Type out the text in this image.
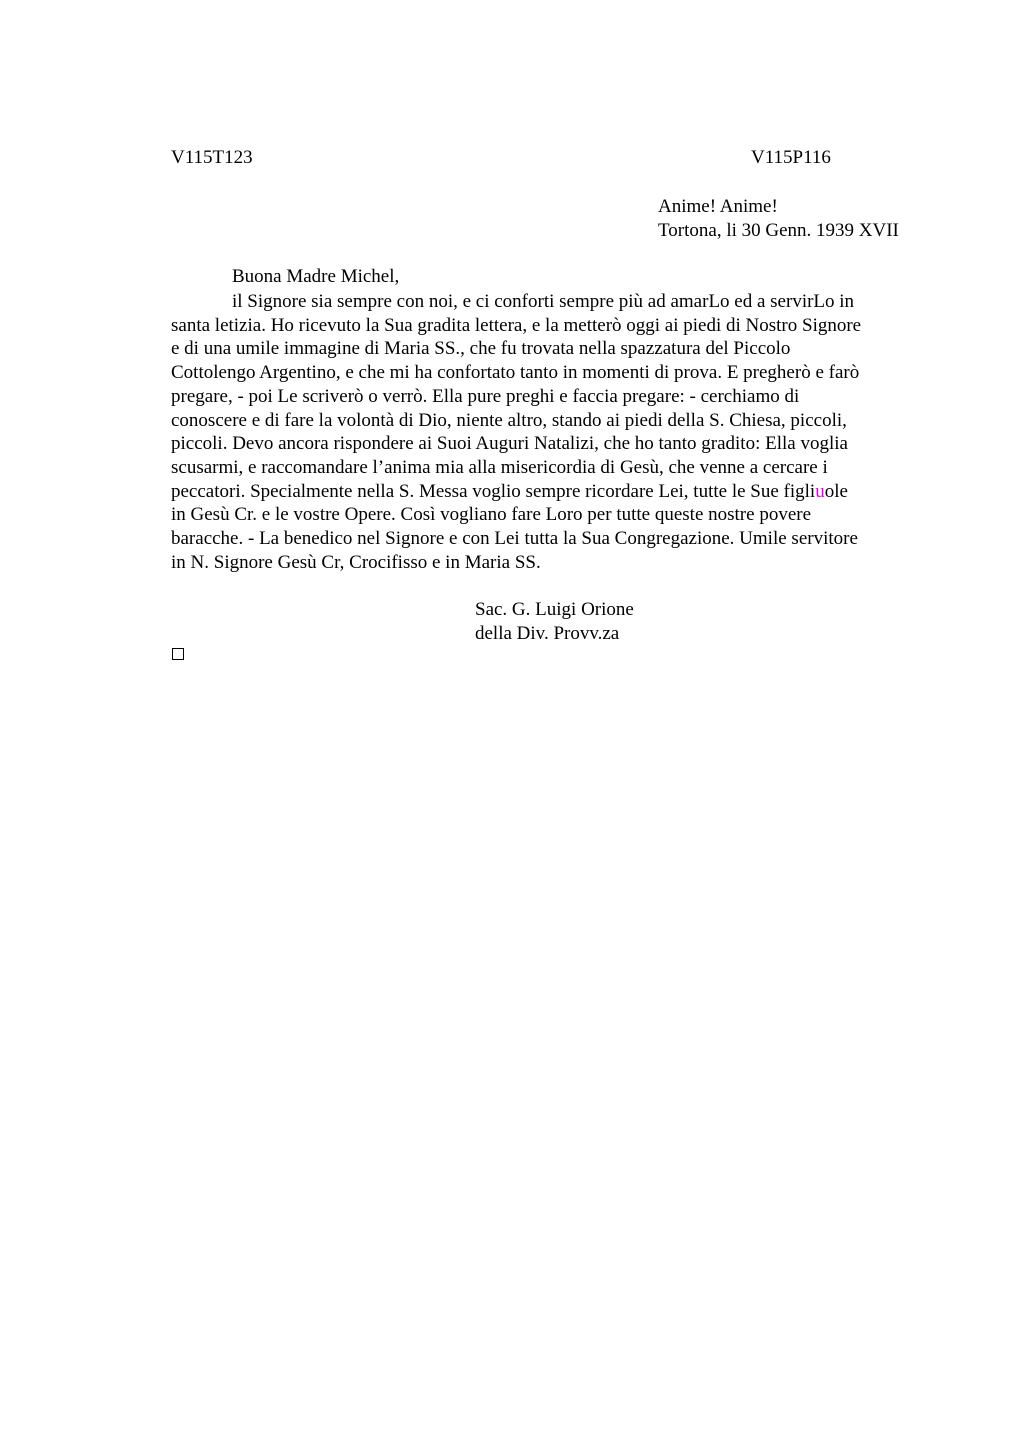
V115T123	V115P116
Anime! Anime!
Tortona, li 30 Genn. 1939 XVII
Buona Madre Michel,
il Signore sia sempre con noi, e ci conforti sempre più ad amarLo ed a servirLo in
santa letizia. Ho ricevuto la Sua gradita lettera, e la metterò oggi ai piedi di Nostro Signore
e di una umile immagine di Maria SS., che fu trovata nella spazzatura del Piccolo
Cottolengo Argentino, e che mi ha confortato tanto in momenti di prova. E pregherò e farò
pregare, - poi Le scriverò o verrò. Ella pure preghi e faccia pregare: - cerchiamo di
conoscere e di fare la volontà di Dio, niente altro, stando ai piedi della S. Chiesa, piccoli,
piccoli. Devo ancora rispondere ai Suoi Auguri Natalizi, che ho tanto gradito: Ella voglia
scusarmi, e raccomandare l’anima mia alla misericordia di Gesù, che venne a cercare i
peccatori. Specialmente nella S. Messa voglio sempre ricordare Lei, tutte le Sue figliuole
in Gesù Cr. e le vostre Opere. Così vogliano fare Loro per tutte queste nostre povere
baracche. - La benedico nel Signore e con Lei tutta la Sua Congregazione. Umile servitore
in N. Signore Gesù Cr, Crocifisso e in Maria SS.
Sac. G. Luigi Orione
della Div. Provv.za
